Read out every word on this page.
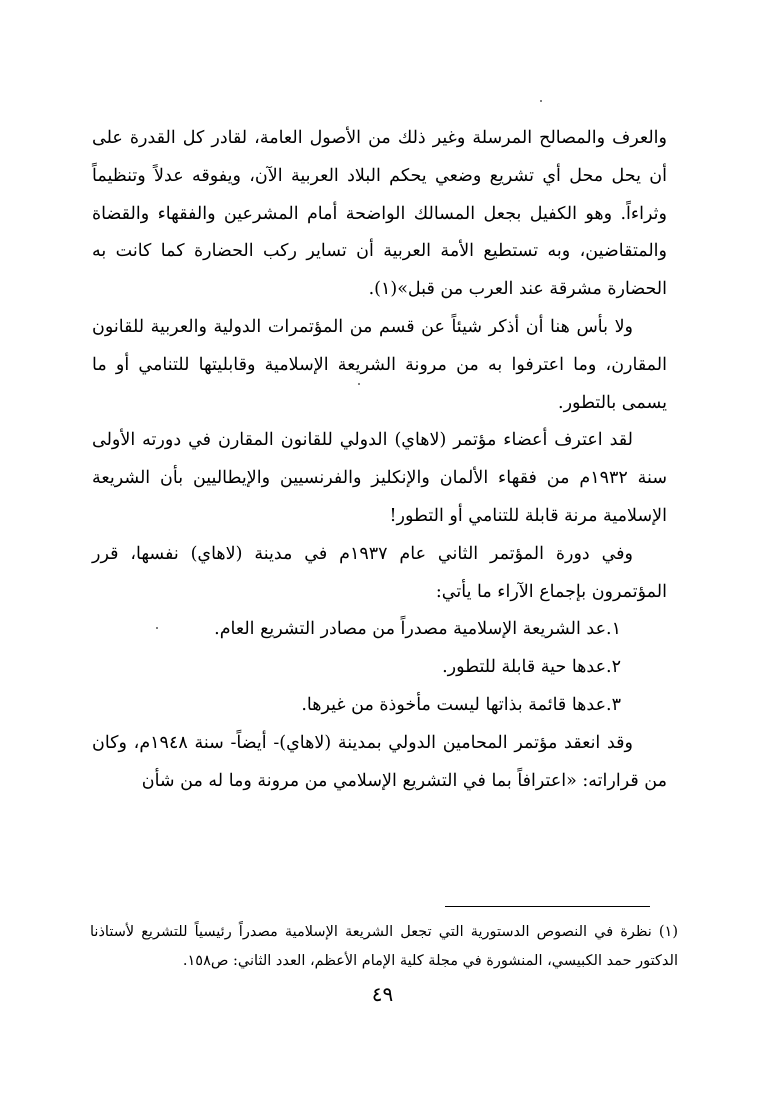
والعرف والمصالح المرسلة وغير ذلك من الأصول العامة، لقادر كل القدرة على أن يحل محل أي تشريع وضعي يحكم البلاد العربية الآن، ويفوقه عدلاً وتنظيماً وثراءاً. وهو الكفيل بجعل المسالك الواضحة أمام المشرعين والفقهاء والقضاة والمتقاضين، وبه تستطيع الأمة العربية أن تساير ركب الحضارة كما كانت به الحضارة مشرقة عند العرب من قبل»(١).

ولا بأس هنا أن أذكر شيئاً عن قسم من المؤتمرات الدولية والعربية للقانون المقارن، وما اعترفوا به من مرونة الشريعة الإسلامية وقابليتها للتنامي أو ما يسمى بالتطور.

لقد اعترف أعضاء مؤتمر (لاهاي) الدولي للقانون المقارن في دورته الأولى سنة ١٩٣٢م من فقهاء الألمان والإنكليز والفرنسيين والإيطاليين بأن الشريعة الإسلامية مرنة قابلة للتنامي أو التطور!

وفي دورة المؤتمر الثاني عام ١٩٣٧م في مدينة (لاهاي) نفسها، قرر المؤتمرون بإجماع الآراء ما يأتي:

١.عد الشريعة الإسلامية مصدراً من مصادر التشريع العام.
٢.عدها حية قابلة للتطور.
٣.عدها قائمة بذاتها ليست مأخوذة من غيرها.

وقد انعقد مؤتمر المحامين الدولي بمدينة (لاهاي)- أيضاً- سنة ١٩٤٨م، وكان من قراراته: «اعترافاً بما في التشريع الإسلامي من مرونة وما له من شأن

(١) نظرة في النصوص الدستورية التي تجعل الشريعة الإسلامية مصدراً رئيسياً للتشريع لأستاذنا الدكتور حمد الكبيسي، المنشورة في مجلة كلية الإمام الأعظم، العدد الثاني: ص١٥٨.

٤٩
